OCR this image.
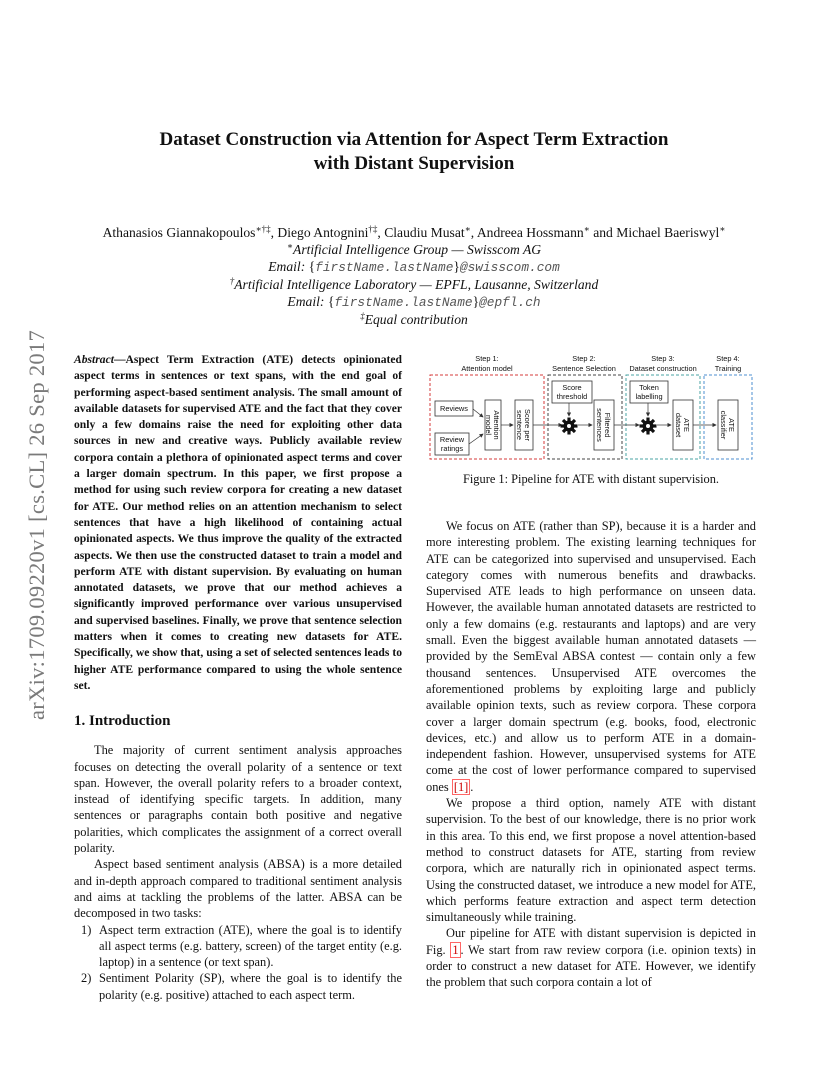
arXiv:1709.09220v1 [cs.CL] 26 Sep 2017
Dataset Construction via Attention for Aspect Term Extraction
with Distant Supervision
Athanasios Giannakopoulos∗†‡, Diego Antognini†‡, Claudiu Musat∗, Andreea Hossmann∗ and Michael Baeriswyl∗
∗Artificial Intelligence Group — Swisscom AG
Email: {firstName.lastName}@swisscom.com
†Artificial Intelligence Laboratory — EPFL, Lausanne, Switzerland
Email: {firstName.lastName}@epfl.ch
‡Equal contribution
Abstract—Aspect Term Extraction (ATE) detects opinionated aspect terms in sentences or text spans, with the end goal of performing aspect-based sentiment analysis. The small amount of available datasets for supervised ATE and the fact that they cover only a few domains raise the need for exploiting other data sources in new and creative ways. Publicly available review corpora contain a plethora of opinionated aspect terms and cover a larger domain spectrum. In this paper, we first propose a method for using such review corpora for creating a new dataset for ATE. Our method relies on an attention mechanism to select sentences that have a high likelihood of containing actual opinionated aspects. We thus improve the quality of the extracted aspects. We then use the constructed dataset to train a model and perform ATE with distant supervision. By evaluating on human annotated datasets, we prove that our method achieves a significantly improved performance over various unsupervised and supervised baselines. Finally, we prove that sentence selection matters when it comes to creating new datasets for ATE. Specifically, we show that, using a set of selected sentences leads to higher ATE performance compared to using the whole sentence set.
1. Introduction

The majority of current sentiment analysis approaches focuses on detecting the overall polarity of a sentence or text span. However, the overall polarity refers to a broader context, instead of identifying specific targets. In addition, many sentences or paragraphs contain both positive and negative polarities, which complicates the assignment of a correct overall polarity.

Aspect based sentiment analysis (ABSA) is a more detailed and in-depth approach compared to traditional sentiment analysis and aims at tackling the problems of the latter. ABSA can be decomposed in two tasks:

1) Aspect term extraction (ATE), where the goal is to identify all aspect terms (e.g. battery, screen) of the target entity (e.g. laptop) in a sentence (or text span).
2) Sentiment Polarity (SP), where the goal is to identify the polarity (e.g. positive) attached to each aspect term.
Step 1:
Attention model
Step 2:
Sentence Selection
Step 3:
Dataset construction
Step 4:
Training
Reviews
Review
ratings
Attention
model	Score per
sentence
Score
threshold
Filtered
sentences
Token
labelling
ATE
dataset	ATE
classifier
Figure 1: Pipeline for ATE with distant supervision.

We focus on ATE (rather than SP), because it is a harder and more interesting problem. The existing learning techniques for ATE can be categorized into supervised and unsupervised. Each category comes with numerous benefits and drawbacks. Supervised ATE leads to high performance on unseen data. However, the available human annotated datasets are restricted to only a few domains (e.g. restaurants and laptops) and are very small. Even the biggest available human annotated datasets — provided by the SemEval ABSA contest — contain only a few thousand sentences. Unsupervised ATE overcomes the aforementioned problems by exploiting large and publicly available opinion texts, such as review corpora. These corpora cover a larger domain spectrum (e.g. books, food, electronic devices, etc.) and allow us to perform ATE in a domain-independent fashion. However, unsupervised systems for ATE come at the cost of lower performance compared to supervised ones [1] .

We propose a third option, namely ATE with distant supervision. To the best of our knowledge, there is no prior work in this area. To this end, we first propose a novel attention-based method to construct datasets for ATE, starting from review corpora, which are naturally rich in opinionated aspect terms. Using the constructed dataset, we introduce a new model for ATE, which performs feature extraction and aspect term detection simultaneously while training.

Our pipeline for ATE with distant supervision is depicted in Fig. 1 . We start from raw review corpora (i.e. opinion texts) in order to construct a new dataset for ATE. However, we identify the problem that such corpora contain a lot of
